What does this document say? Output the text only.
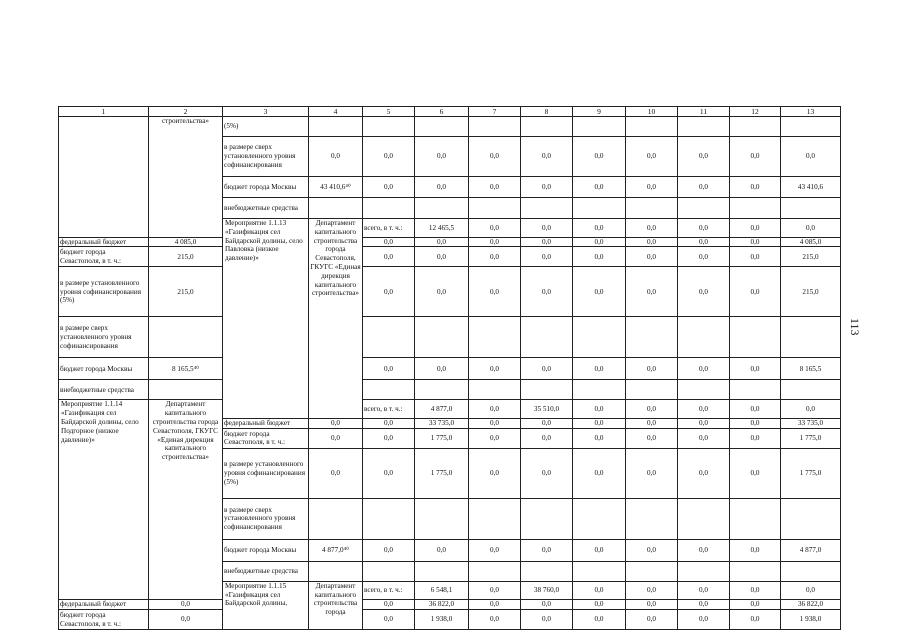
1	2	3	4	5	6	7	8	9	10	11	12	13	
	строительства»	(5%)											
		в размере сверх установленного уровня софинансирования	0,0	0,0	0,0	0,0	0,0	0,0	0,0	0,0	0,0	0,0	
		бюджет города Москвы	43 410,6⁴⁰	0,0	0,0	0,0	0,0	0,0	0,0	0,0	0,0	43 410,6	
		внебюджетные средства											
		Мероприятие 1.1.13 «Газификация сел Байдарской долины, село Павловка (низкое давление)»	Департамент капитального строительства города Севастополя, ГКУГС «Единая дирекция капитального строительства»	всего, в т. ч.:	12 465,5	0,0	0,0	0,0	0,0	0,0	0,0	0,0		
федеральный бюджет	4 085,0			0,0	0,0	0,0	0,0	0,0	0,0	0,0	0,0	4 085,0	
бюджет города Севастополя, в т. ч.:	215,0			0,0	0,0	0,0	0,0	0,0	0,0	0,0	0,0	215,0	
в размере установленного уровня софинансирования (5%)	215,0			0,0	0,0	0,0	0,0	0,0	0,0	0,0	0,0	215,0	
в размере сверх установленного уровня софинансирования													
бюджет города Москвы	8 165,5⁴⁰			0,0	0,0	0,0	0,0	0,0	0,0	0,0	0,0	8 165,5	
внебюджетные средства													
Мероприятие 1.1.14 «Газификация сел Байдарской долины, село Подгорное (низкое давление)»	Департамент капитального строительства города Севастополя, ГКУГС «Единая дирекция капитального строительства»			всего, в т. ч.:	4 877,0	0,0	35 510,0	0,0	0,0	0,0	0,0	0,0		
		федеральный бюджет	0,0	0,0	33 735,0	0,0	0,0	0,0	0,0	0,0	0,0	33 735,0	
		бюджет города Севастополя, в т. ч.:	0,0	0,0	1 775,0	0,0	0,0	0,0	0,0	0,0	0,0	1 775,0	
		в размере установленного уровня софинансирования (5%)	0,0	0,0	1 775,0	0,0	0,0	0,0	0,0	0,0	0,0	1 775,0	
		в размере сверх установленного уровня софинансирования											
		бюджет города Москвы	4 877,0⁴⁰	0,0	0,0	0,0	0,0	0,0	0,0	0,0	0,0	4 877,0	
		внебюджетные средства											
		Мероприятие 1.1.15 «Газификация сел Байдарской долины,	Департамент капитального строительства города	всего, в т. ч.:	6 548,1	0,0	38 760,0	0,0	0,0	0,0	0,0	0,0		
федеральный бюджет	0,0			0,0	36 822,0	0,0	0,0	0,0	0,0	0,0	0,0	36 822,0	
бюджет города Севастополя, в т. ч.:	0,0			0,0	1 938,0	0,0	0,0	0,0	0,0	0,0	0,0	1 938,0	
113
